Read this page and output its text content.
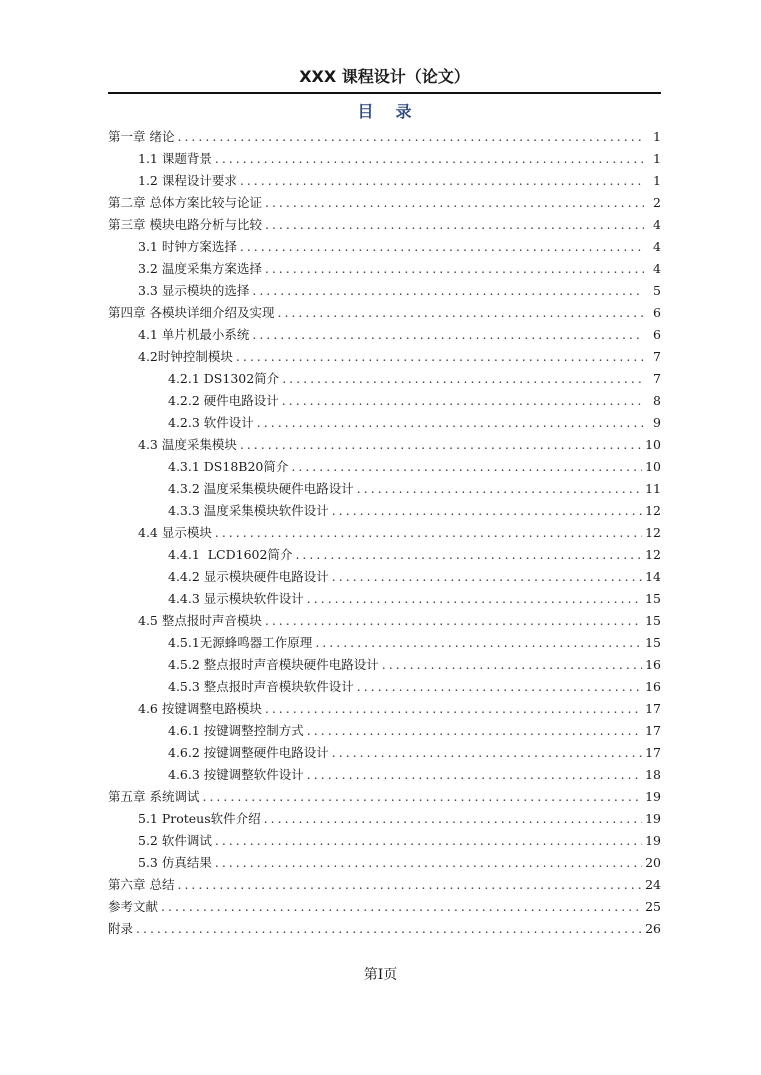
XXX 课程设计（论文）
目录
第一章 绪论 .....	1
1.1 课题背景 .....	1
1.2 课程设计要求 .....	1
第二章 总体方案比较与论证 .....	2
第三章 模块电路分析与比较 .....	4
3.1 时钟方案选择 .....	4
3.2 温度采集方案选择 .....	4
3.3 显示模块的选择 .....	5
第四章 各模块详细介绍及实现 .....	6
4.1 单片机最小系统 .....	6
4.2时钟控制模块 .....	7
4.2.1 DS1302简介 .....	7
4.2.2 硬件电路设计 .....	8
4.2.3 软件设计 .....	9
4.3 温度采集模块 .....	10
4.3.1 DS18B20简介 .....	10
4.3.2 温度采集模块硬件电路设计 .....	11
4.3.3 温度采集模块软件设计 .....	12
4.4 显示模块 .....	12
4.4.1  LCD1602简介 .....	12
4.4.2 显示模块硬件电路设计 .....	14
4.4.3 显示模块软件设计 .....	15
4.5 整点报时声音模块 .....	15
4.5.1无源蜂鸣器工作原理 .....	15
4.5.2 整点报时声音模块硬件电路设计 .....	16
4.5.3 整点报时声音模块软件设计 .....	16
4.6 按键调整电路模块 .....	17
4.6.1 按键调整控制方式 .....	17
4.6.2 按键调整硬件电路设计 .....	17
4.6.3 按键调整软件设计 .....	18
第五章 系统调试 .....	19
5.1 Proteus软件介绍 .....	19
5.2 软件调试 .....	19
5.3 仿真结果 .....	20
第六章 总结 .....	24
参考文献 .....	25
附录 .....	26
第Ⅰ页
